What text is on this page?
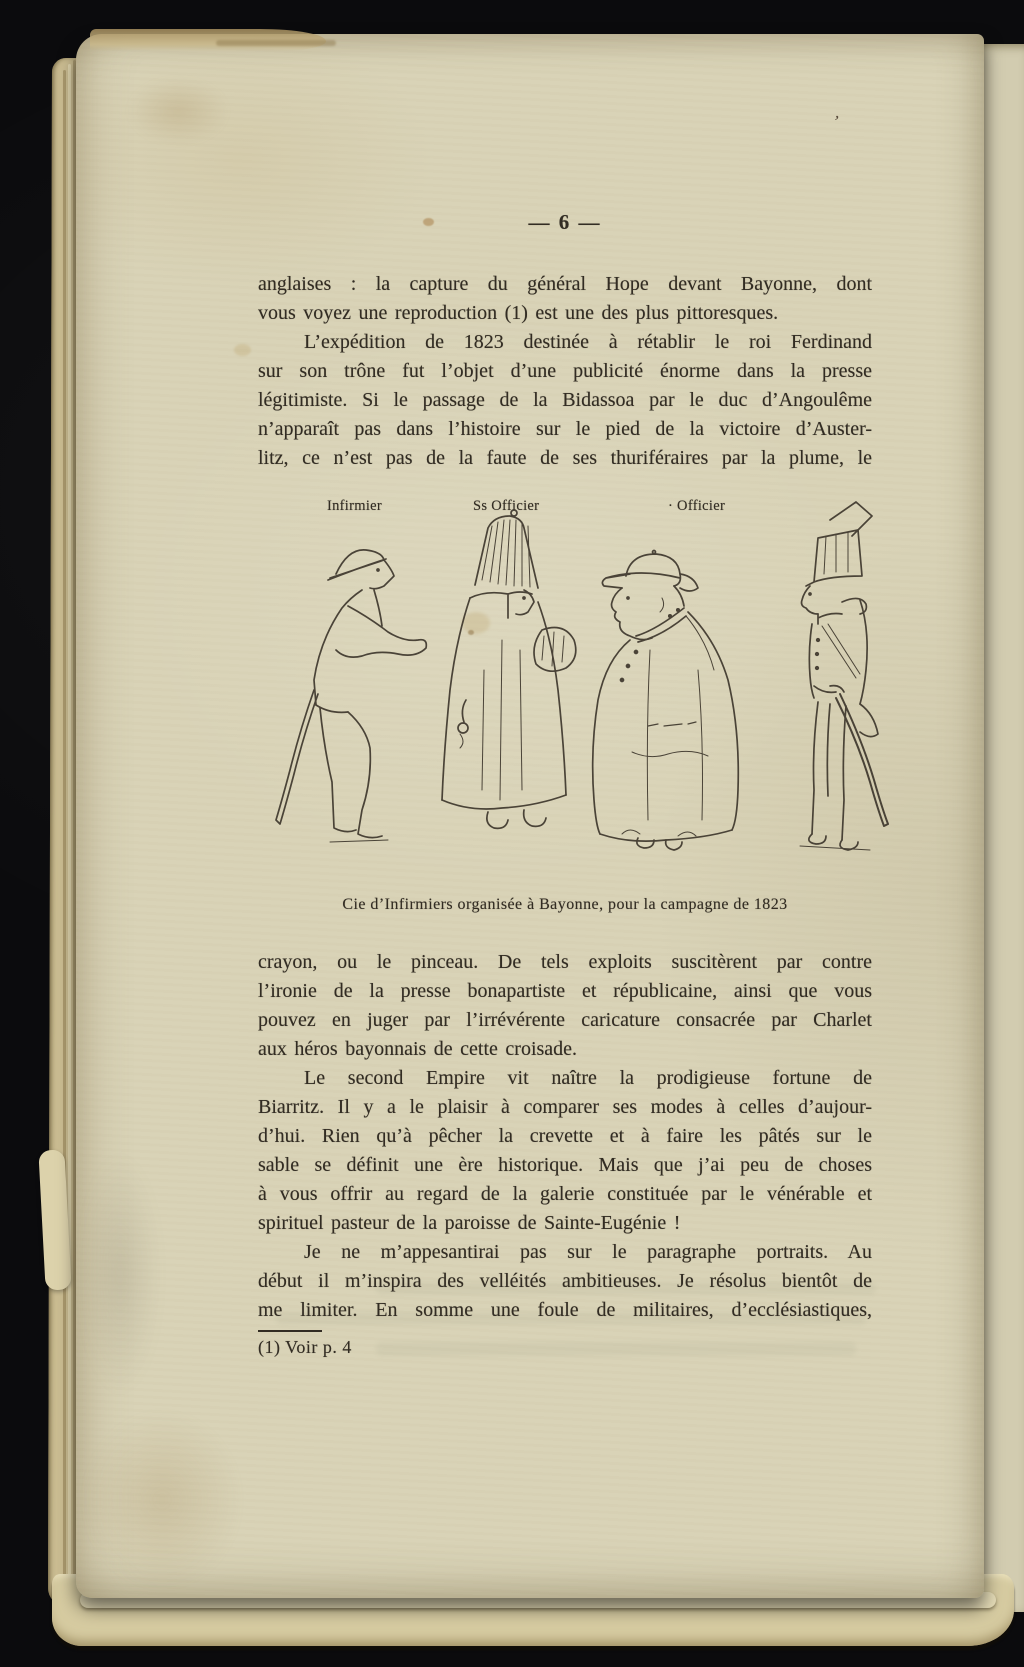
— 6 —
’
anglaises : la capture du général Hope devant Bayonne, dont
vous voyez une reproduction (1) est une des plus pittoresques.
L’expédition de 1823 destinée à rétablir le roi Ferdinand
sur son trône fut l’objet d’une publicité énorme dans la presse
légitimiste. Si le passage de la Bidassoa par le duc d’Angoulême
n’apparaît pas dans l’histoire sur le pied de la victoire d’Auster-
litz, ce n’est pas de la faute de ses thuriféraires par la plume, le
Infirmier	Ss Officier	· Officier
Cie d’Infirmiers organisée à Bayonne, pour la campagne de 1823
crayon, ou le pinceau. De tels exploits suscitèrent par contre
l’ironie de la presse bonapartiste et républicaine, ainsi que vous
pouvez en juger par l’irrévérente caricature consacrée par Charlet
aux héros bayonnais de cette croisade.
Le second Empire vit naître la prodigieuse fortune de
Biarritz. Il y a le plaisir à comparer ses modes à celles d’aujour-
d’hui. Rien qu’à pêcher la crevette et à faire les pâtés sur le
sable se définit une ère historique. Mais que j’ai peu de choses
à vous offrir au regard de la galerie constituée par le vénérable et
spirituel pasteur de la paroisse de Sainte-Eugénie !
Je ne m’appesantirai pas sur le paragraphe portraits. Au
début il m’inspira des velléités ambitieuses. Je résolus bientôt de
me limiter. En somme une foule de militaires, d’ecclésiastiques,
(1) Voir p. 4
